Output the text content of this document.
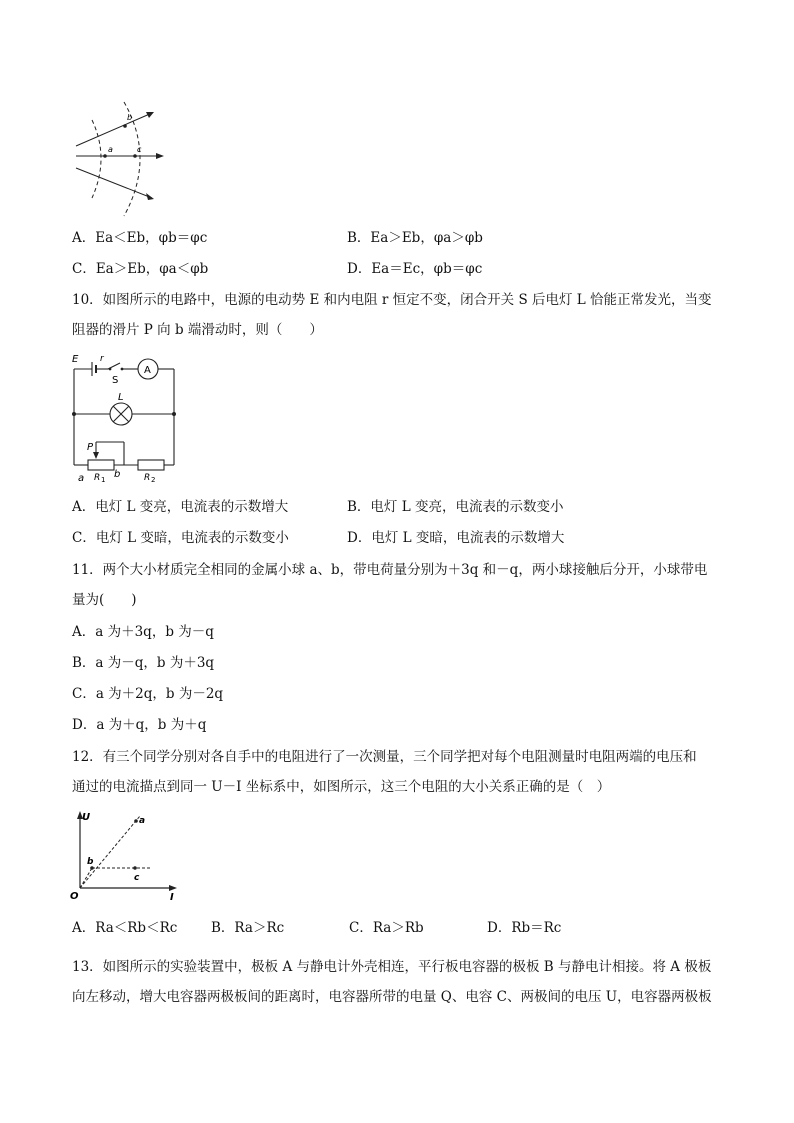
a
b
c
A．Ea＜Eb，φb＝φc	B．Ea＞Eb，φa＞φb
C．Ea＞Eb，φa＜φb	D．Ea＝Ec，φb＝φc
10．如图所示的电路中，电源的电动势 E 和内电阻 r 恒定不变，闭合开关 S 后电灯 L 恰能正常发光，当变
阻器的滑片 P 向 b 端滑动时，则（　　）
E r
S
A
L
P
R 1	R 2
a	b
A．电灯 L 变亮，电流表的示数增大	B．电灯 L 变亮，电流表的示数变小
C．电灯 L 变暗，电流表的示数变小	D．电灯 L 变暗，电流表的示数增大
11．两个大小材质完全相同的金属小球 a、b，带电荷量分别为＋3q 和－q，两小球接触后分开，小球带电
量为(　　)
A．a 为＋3q，b 为－q
B．a 为－q，b 为＋3q
C．a 为＋2q，b 为－2q
D．a 为＋q，b 为＋q
12．有三个同学分别对各自手中的电阻进行了一次测量，三个同学把对每个电阻测量时电阻两端的电压和
通过的电流描点到同一 U－I 坐标系中，如图所示，这三个电阻的大小关系正确的是（　）
U
I
O
a
b
c
A．Ra＜Rb＜Rc B．Ra＞Rc	C．Ra＞Rb	D．Rb＝Rc
13．如图所示的实验装置中，极板 A 与静电计外壳相连，平行板电容器的极板 B 与静电计相接。将 A 极板
向左移动，增大电容器两极板间的距离时，电容器所带的电量 Q、电容 C、两极间的电压 U，电容器两极板
